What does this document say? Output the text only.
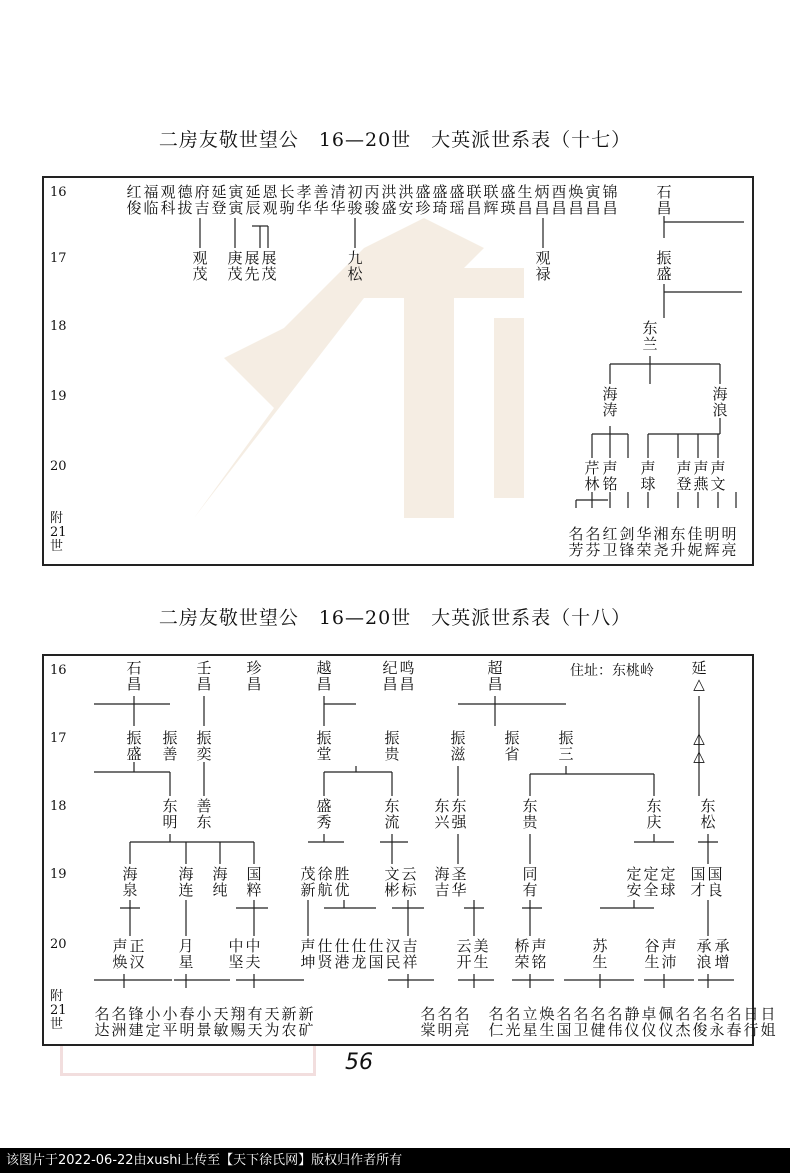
二房友敬世望公　16—20世　大英派世系表（十七）
16
17
18
19
20
附
21
世
红俊
福临
观科
德拔
府吉
延登
寅寅
延辰
恩观
长驹
孝华
善华
清华
初骏
丙骏
洪盛
洪安
盛珍
盛琦
盛瑶
联昌
联辉
盛瑛
生昌
炳昌
酉昌
焕昌
寅昌
锦昌
石昌
观茂
庚茂
展先
展茂
九松
观禄
振盛
东兰
海涛
海浪
芹林
声铭
声球
声登
声燕
声文
名芳
名芬
红卫
剑锋
华荣
湘尧
东升
佳妮
明辉
明亮
二房友敬世望公　16—20世　大英派世系表（十八）
住址：东桃岭
16
17
18
19
20
附
21
世
石昌
壬昌
珍昌
越昌
纪昌
鸣昌
超昌
延△
振盛
振善
振奕
振堂
振贵
振滋
振省
振三
△
△
东明
善东
盛秀
东流
东兴
东强
东贵
东庆
东松
海泉
海连
海纯
国粹
茂新
徐航
胜优
文彬
云标
海吉
圣华
同有
定安
定全
定球
国才
国良
声焕
正汉
月星
中坚
中夫
声坤
仕贤
仕港
仕龙
仕国
汉民
吉祥
云开
美生
桥荣
声铭
苏生
谷生
声沛
承浪
承增
名达
名洲
锋建
小定
小平
春明
小景
天敏
翔赐
有天
天为
新农
新矿
名棠
名明
名亮
名仁
名光
立星
焕生
名国
名卫
名健
名伟
静仪
卓仪
佩仪
名杰
名俊
名永
名春
日行
日姐
56
该图片于2022-06-22由xushi上传至【天下徐氏网】版权归作者所有
